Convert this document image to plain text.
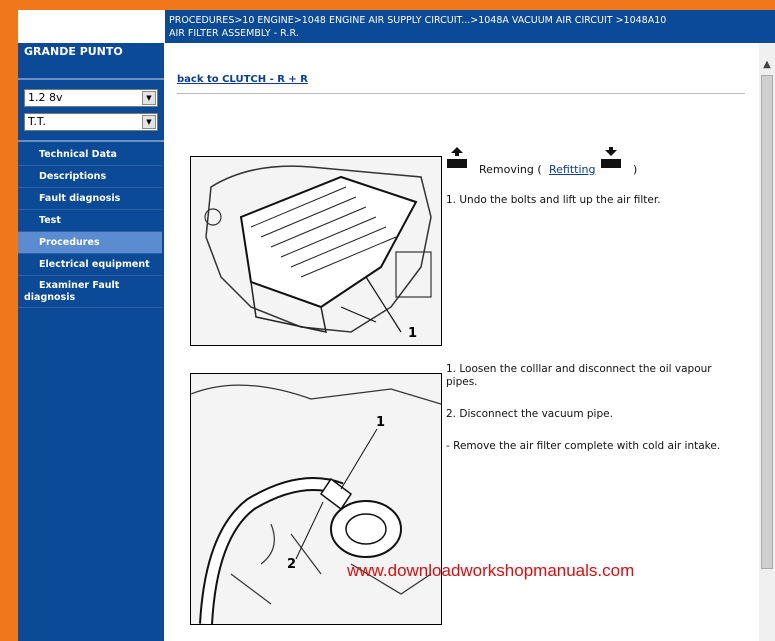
PROCEDURES>10 ENGINE>1048 ENGINE AIR SUPPLY CIRCUIT...>1048A VACUUM AIR CIRCUIT >1048A10
AIR FILTER ASSEMBLY - R.R.
GRANDE PUNTO
1.2 8v	▼
T.T.	▼
Technical Data
Descriptions
Fault diagnosis
Test
Procedures
Electrical equipment
Examiner Fault diagnosis
back to CLUTCH - R + R
1
Removing ( Refitting	)
1. Undo the bolts and lift up the air filter.
1
2
1. Loosen the colllar and disconnect the oil vapour pipes.
2. Disconnect the vacuum pipe.
- Remove the air filter complete with cold air intake.
▲
www.downloadworkshopmanuals.com
